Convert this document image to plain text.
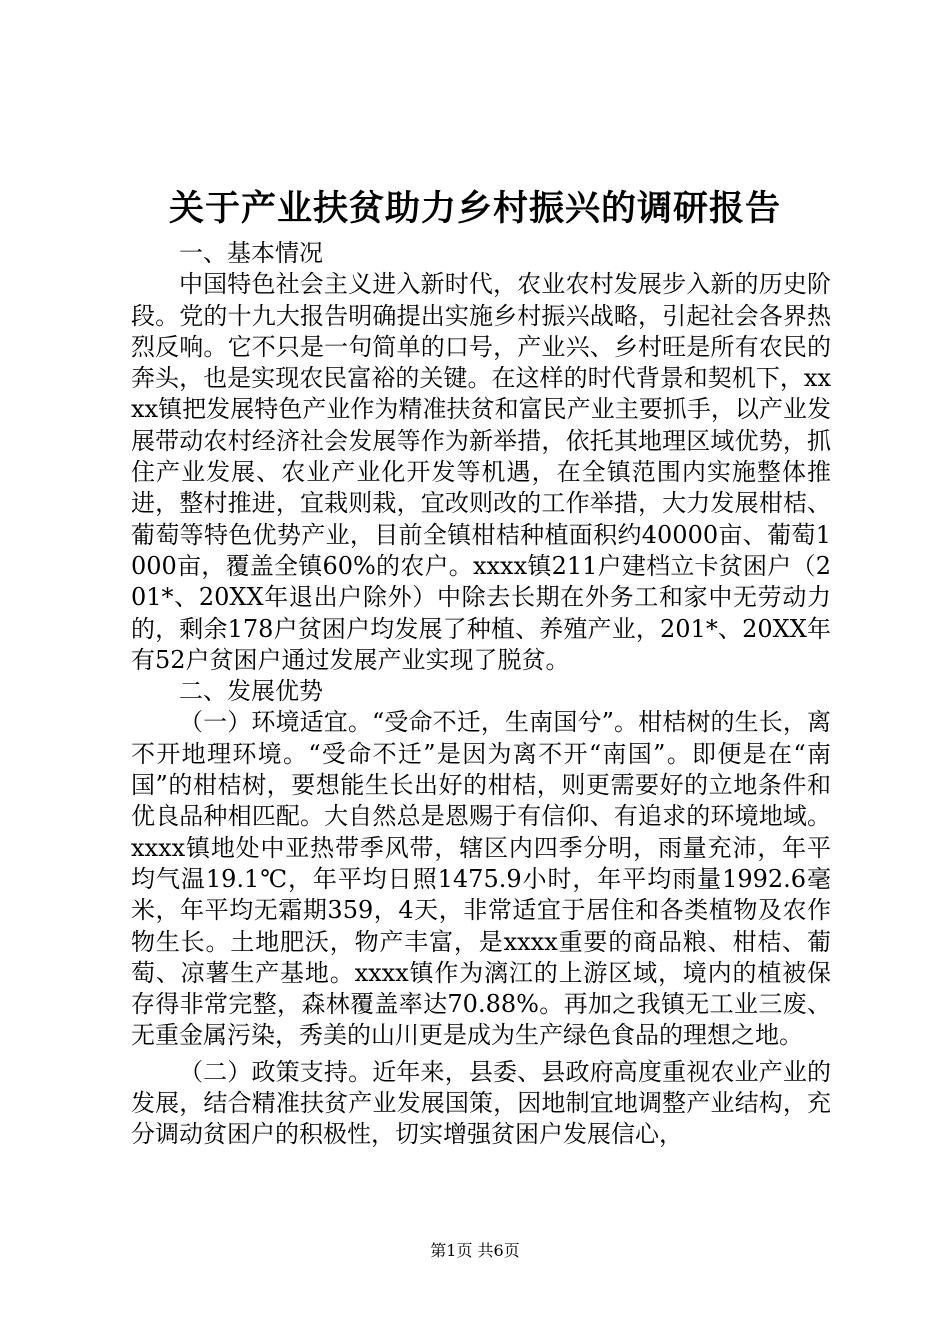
关于产业扶贫助力乡村振兴的调研报告

一、基本情况

中国特色社会主义进入新时代，农业农村发展步入新的历史阶段。党的十九大报告明确提出实施乡村振兴战略，引起社会各界热烈反响。它不只是一句简单的口号，产业兴、乡村旺是所有农民的奔头，也是实现农民富裕的关键。在这样的时代背景和契机下，xxxx镇把发展特色产业作为精准扶贫和富民产业主要抓手，以产业发展带动农村经济社会发展等作为新举措，依托其地理区域优势，抓住产业发展、农业产业化开发等机遇，在全镇范围内实施整体推进，整村推进，宜栽则栽，宜改则改的工作举措，大力发展柑桔、葡萄等特色优势产业，目前全镇柑桔种植面积约40000亩、葡萄1000亩，覆盖全镇60%的农户。xxxx镇211户建档立卡贫困户（201*、20XX年退出户除外）中除去长期在外务工和家中无劳动力的，剩余178户贫困户均发展了种植、养殖产业，201*、20XX年有52户贫困户通过发展产业实现了脱贫。

二、发展优势

（一）环境适宜。“受命不迁，生南国兮”。柑桔树的生长，离不开地理环境。“受命不迁”是因为离不开“南国”。即便是在“南国”的柑桔树，要想能生长出好的柑桔，则更需要好的立地条件和优良品种相匹配。大自然总是恩赐于有信仰、有追求的环境地域。xxxx镇地处中亚热带季风带，辖区内四季分明，雨量充沛，年平均气温19.1℃，年平均日照1475.9小时，年平均雨量1992.6毫米，年平均无霜期359，4天，非常适宜于居住和各类植物及农作物生长。土地肥沃，物产丰富，是xxxx重要的商品粮、柑桔、葡萄、凉薯生产基地。xxxx镇作为漓江的上游区域，境内的植被保存得非常完整，森林覆盖率达70.88%。再加之我镇无工业三废、无重金属污染，秀美的山川更是成为生产绿色食品的理想之地。

（二）政策支持。近年来，县委、县政府高度重视农业产业的发展，结合精准扶贫产业发展国策，因地制宜地调整产业结构，充分调动贫困户的积极性，切实增强贫困户发展信心，

第1页 共6页
